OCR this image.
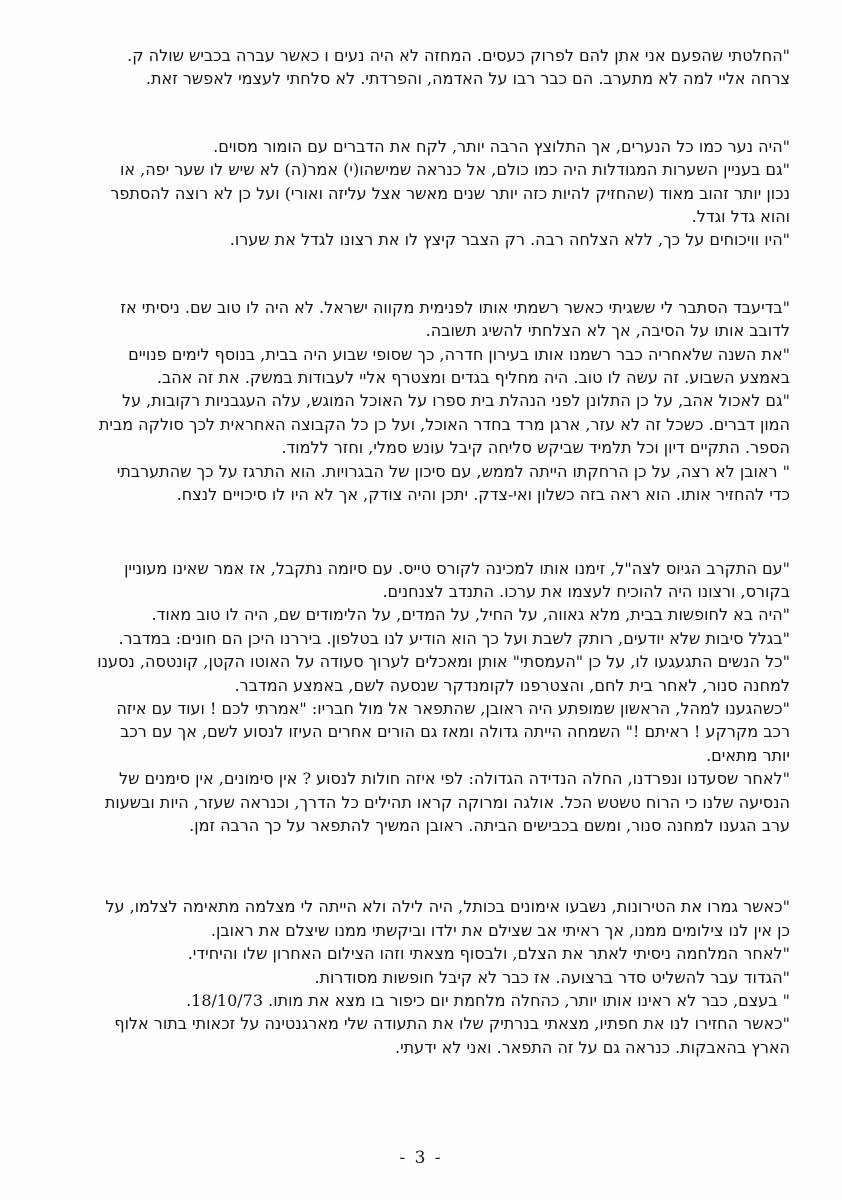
"החלטתי שהפעם אני אתן להם לפרוק כעסים. המחזה לא היה נעים ו כאשר עברה בכביש שולה ק.
צרחה אליי למה לא מתערב. הם כבר רבו על האדמה, והפרדתי. לא סלחתי לעצמי לאפשר זאת.
"היה נער כמו כל הנערים, אך התלוצץ הרבה יותר, לקח את הדברים עם הומור מסוים.
"גם בעניין השערות המגודלות היה כמו כולם, אל כנראה שמישהו(י) אמר(ה) לא שיש לו שער יפה, או
נכון יותר זהוב מאוד (שהחזיק להיות כזה יותר שנים מאשר אצל עליזה ואורי) ועל כן לא רוצה להסתפר
והוא גדל וגדל.
"היו וויכוחים על כך, ללא הצלחה רבה. רק הצבר קיצץ לו את רצונו לגדל את שערו.
"בדיעבד הסתבר לי ששגיתי כאשר רשמתי אותו לפנימית מקווה ישראל. לא היה לו טוב שם. ניסיתי אז
לדובב אותו על הסיבה, אך לא הצלחתי להשיג תשובה.
"את השנה שלאחריה כבר רשמנו אותו בעירון חדרה, כך שסופי שבוע היה בבית, בנוסף לימים פנויים
באמצע השבוע. זה עשה לו טוב. היה מחליף בגדים ומצטרף אליי לעבודות במשק. את זה אהב.
"גם לאכול אהב, על כן התלונן לפני הנהלת בית ספרו על האוכל המוגש, עלה העגבניות רקובות, על
המון דברים. כשכל זה לא עזר, ארגן מרד בחדר האוכל, ועל כן כל הקבוצה האחראית לכך סולקה מבית
הספר. התקיים דיון וכל תלמיד שביקש סליחה קיבל עונש סמלי, וחזר ללמוד.
" ראובן לא רצה, על כן הרחקתו הייתה לממש, עם סיכון של הבגרויות. הוא התרגז על כך שהתערבתי
כדי להחזיר אותו. הוא ראה בזה כשלון ואי-צדק. יתכן והיה צודק, אך לא היו לו סיכויים לנצח.
"עם התקרב הגיוס לצה"ל, זימנו אותו למכינה לקורס טייס. עם סיומה נתקבל, אז אמר שאינו מעוניין
בקורס, ורצונו היה להוכיח לעצמו את ערכו. התנדב לצנחנים.
"היה בא לחופשות בבית, מלא גאווה, על החיל, על המדים, על הלימודים שם, היה לו טוב מאוד.
"בגלל סיבות שלא יודעים, רותק לשבת ועל כך הוא הודיע לנו בטלפון. ביררנו היכן הם חונים: במדבר.
"כל הנשים התגעגעו לו, על כן "העמסתי" אותן ומאכלים לערוך סעודה על האוטו הקטן, קונטסה, נסענו
למחנה סנור, לאחר בית לחם, והצטרפנו לקומנדקר שנסעה לשם, באמצע המדבר.
"כשהגענו למהל, הראשון שמופתע היה ראובן, שהתפאר אל מול חבריו: "אמרתי לכם ! ועוד עם איזה
רכב מקרקע ! ראיתם !" השמחה הייתה גדולה ומאז גם הורים אחרים העיזו לנסוע לשם, אך עם רכב
יותר מתאים.
"לאחר שסעדנו ונפרדנו, החלה הנדידה הגדולה: לפי איזה חולות לנסוע ? אין סימונים, אין סימנים של
הנסיעה שלנו כי הרוח טשטש הכל. אולגה ומרוקה קראו תהילים כל הדרך, וכנראה שעזר, היות ובשעות
ערב הגענו למחנה סנור, ומשם בכבישים הביתה. ראובן המשיך להתפאר על כך הרבה זמן.
"כאשר גמרו את הטירונות, נשבעו אימונים בכותל, היה לילה ולא הייתה לי מצלמה מתאימה לצלמו, על
כן אין לנו צילומים ממנו, אך ראיתי אב שצילם את ילדו וביקשתי ממנו שיצלם את ראובן.
"לאחר המלחמה ניסיתי לאתר את הצלם, ולבסוף מצאתי וזהו הצילום האחרון שלו והיחידי.
"הגדוד עבר להשליט סדר ברצועה. אז כבר לא קיבל חופשות מסודרות.
" בעצם, כבר לא ראינו אותו יותר, כהחלה מלחמת יום כיפור בו מצא את מותו. 18/10/73.
"כאשר החזירו לנו את חפתיו, מצאתי בנרתיק שלו את התעודה שלי מארגנטינה על זכאותי בתור אלוף
הארץ בהאבקות. כנראה גם על זה התפאר. ואני לא ידעתי.
- 3 -
